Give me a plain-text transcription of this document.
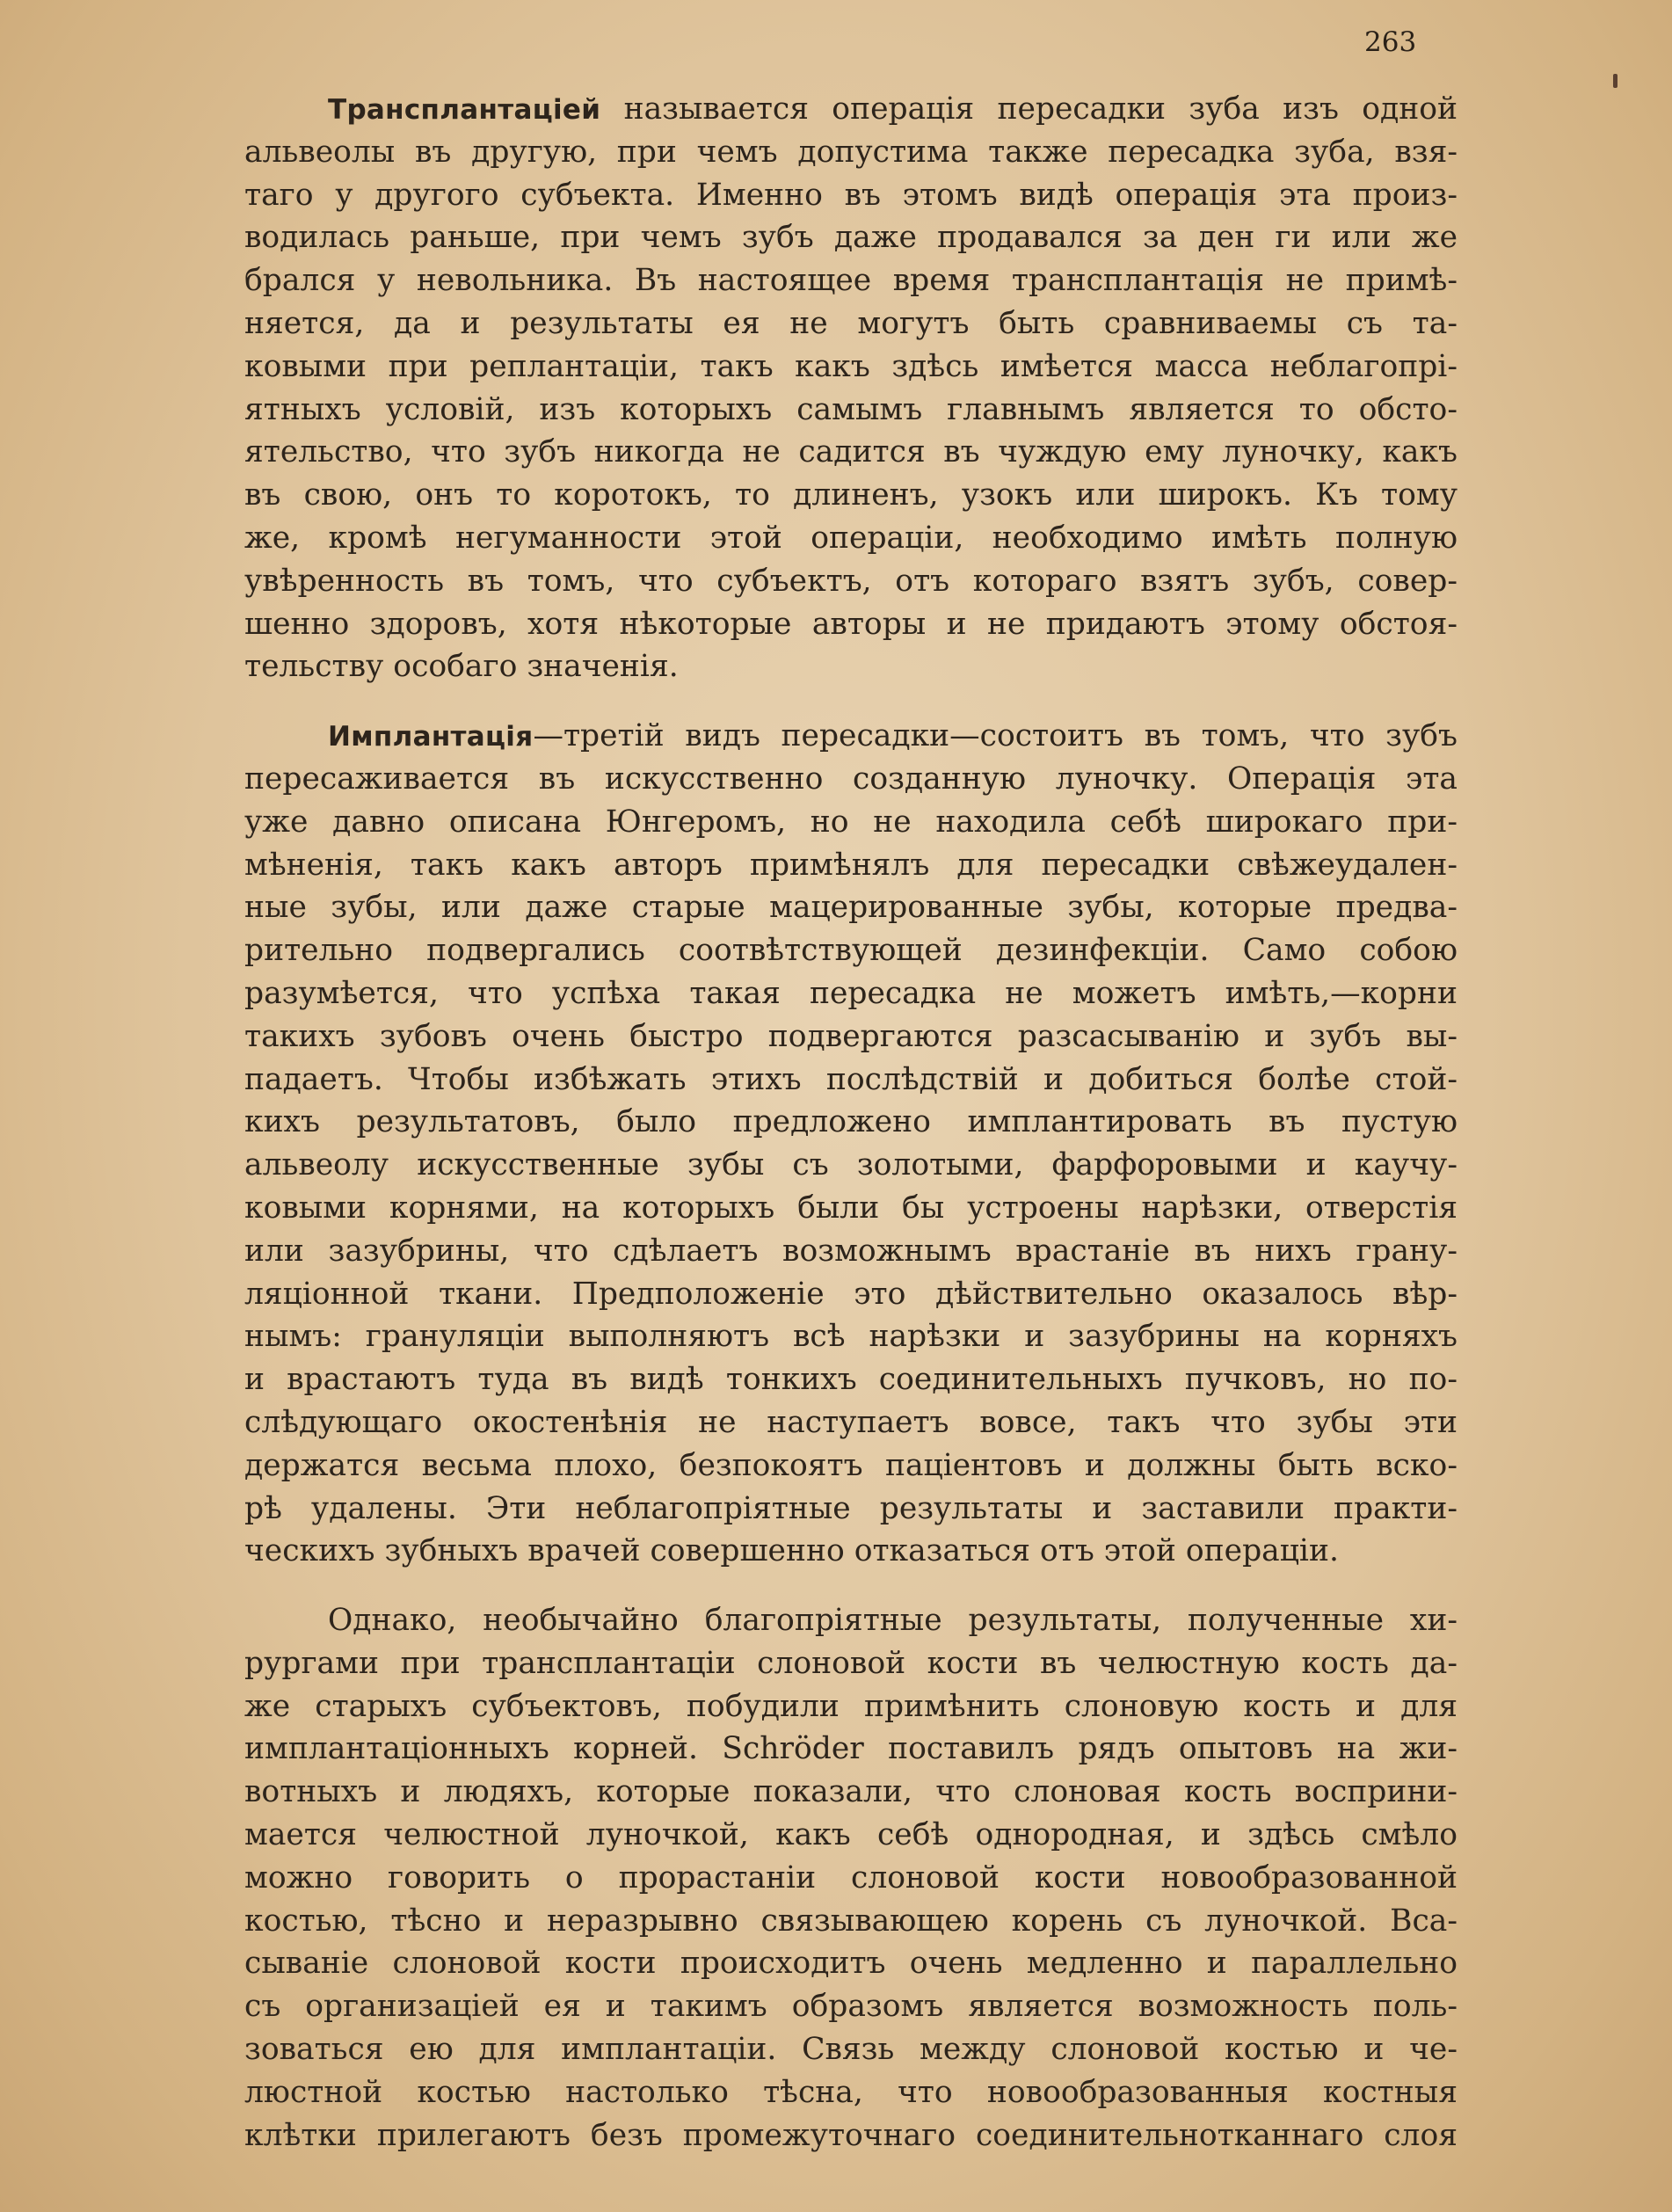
263
Трансплантацiей называется операцiя пересадки зуба изъ одной
альвеолы въ другую, при чемъ допустима также пересадка зуба, взя-
таго у другого субъекта. Именно въ этомъ видѣ операцiя эта произ-
водилась раньше, при чемъ зубъ даже продавался за ден ги или же
брался у невольника. Въ настоящее время трансплантацiя не примѣ-
няется, да и результаты ея не могутъ быть сравниваемы съ та-
ковыми при реплантацiи, такъ какъ здѣсь имѣется масса неблагопрi-
ятныхъ условiй, изъ которыхъ самымъ главнымъ является то обсто-
ятельство, что зубъ никогда не садится въ чуждую ему луночку, какъ
въ свою, онъ то коротокъ, то длиненъ, узокъ или широкъ. Къ тому
же, кромѣ негуманности этой операцiи, необходимо имѣть полную
увѣренность въ томъ, что субъектъ, отъ котораго взятъ зубъ, совер-
шенно здоровъ, хотя нѣкоторые авторы и не придаютъ этому обстоя-
тельству особаго значенiя.
Имплантацiя—третiй видъ пересадки—состоитъ въ томъ, что зубъ
пересаживается въ искусственно созданную луночку. Операцiя эта
уже давно описана Юнгеромъ, но не находила себѣ широкаго при-
мѣненiя, такъ какъ авторъ примѣнялъ для пересадки свѣжеудален-
ные зубы, или даже старые мацерированные зубы, которые предва-
рительно подвергались соотвѣтствующей дезинфекцiи. Само собою
разумѣется, что успѣха такая пересадка не можетъ имѣть,—корни
такихъ зубовъ очень быстро подвергаются разсасыванiю и зубъ вы-
падаетъ. Чтобы избѣжать этихъ послѣдствiй и добиться болѣе стой-
кихъ результатовъ, было предложено имплантировать въ пустую
альвеолу искусственные зубы съ золотыми, фарфоровыми и каучу-
ковыми корнями, на которыхъ были бы устроены нарѣзки, отверстiя
или зазубрины, что сдѣлаетъ возможнымъ врастанiе въ нихъ грану-
ляцiонной ткани. Предположенiе это дѣйствительно оказалось вѣр-
нымъ: грануляцiи выполняютъ всѣ нарѣзки и зазубрины на корняхъ
и врастаютъ туда въ видѣ тонкихъ соединительныхъ пучковъ, но по-
слѣдующаго окостенѣнiя не наступаетъ вовсе, такъ что зубы эти
держатся весьма плохо, безпокоятъ пацiентовъ и должны быть вско-
рѣ удалены. Эти неблагопрiятные результаты и заставили практи-
ческихъ зубныхъ врачей совершенно отказаться отъ этой операцiи.
Однако, необычайно благопрiятные результаты, полученные хи-
рургами при трансплантацiи слоновой кости въ челюстную кость да-
же старыхъ субъектовъ, побудили примѣнить слоновую кость и для
имплантацiонныхъ корней. Schröder поставилъ рядъ опытовъ на жи-
вотныхъ и людяхъ, которые показали, что слоновая кость восприни-
мается челюстной луночкой, какъ себѣ однородная, и здѣсь смѣло
можно говорить о прорастанiи слоновой кости новообразованной
костью, тѣсно и неразрывно связывающею корень съ луночкой. Вса-
сыванiе слоновой кости происходитъ очень медленно и параллельно
съ организацiей ея и такимъ образомъ является возможность поль-
зоваться ею для имплантацiи. Связь между слоновой костью и че-
люстной костью настолько тѣсна, что новообразованныя костныя
клѣтки прилегаютъ безъ промежуточнаго соединительнотканнаго слоя
